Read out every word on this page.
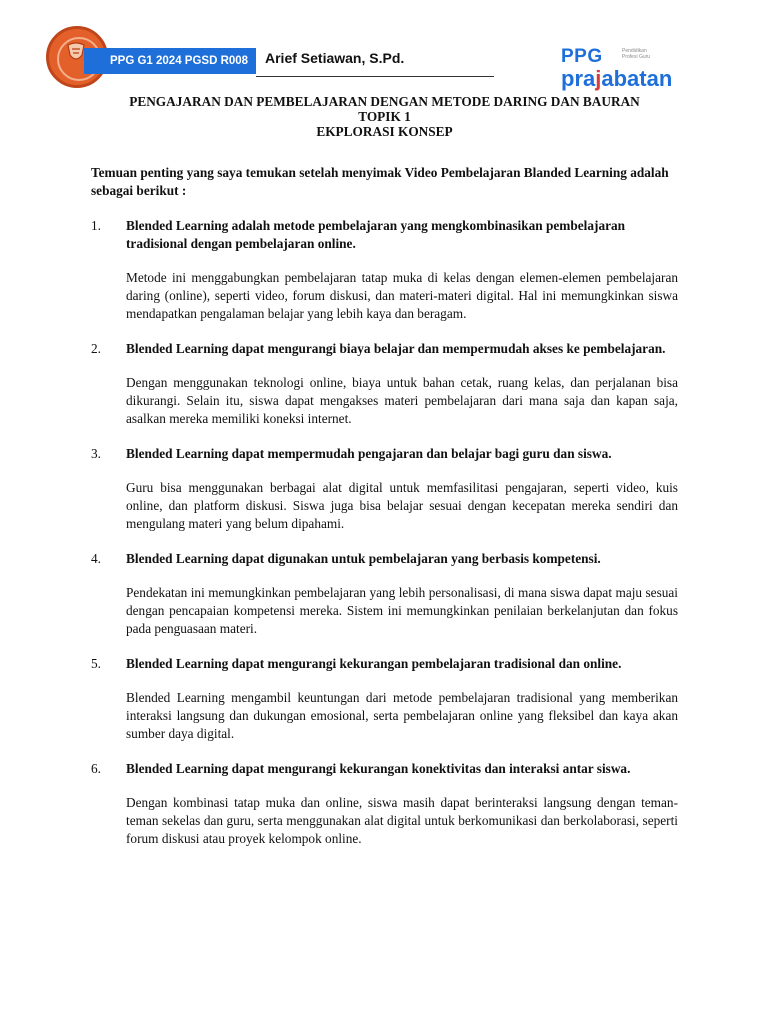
PPG G1 2024 PGSD R008	Arief Setiawan, S.Pd.	PPG	Pendidikan Profesi Guru
prajabatan
PENGAJARAN DAN PEMBELAJARAN DENGAN METODE DARING DAN BAURAN
TOPIK 1
EKPLORASI KONSEP
Temuan penting yang saya temukan setelah menyimak Video Pembelajaran Blanded Learning adalah sebagai berikut :
1. Blended Learning adalah metode pembelajaran yang mengkombinasikan pembelajaran tradisional dengan pembelajaran online.
Metode ini menggabungkan pembelajaran tatap muka di kelas dengan elemen-elemen pembelajaran daring (online), seperti video, forum diskusi, dan materi-materi digital. Hal ini memungkinkan siswa mendapatkan pengalaman belajar yang lebih kaya dan beragam.
2. Blended Learning dapat mengurangi biaya belajar dan mempermudah akses ke pembelajaran.
Dengan menggunakan teknologi online, biaya untuk bahan cetak, ruang kelas, dan perjalanan bisa dikurangi. Selain itu, siswa dapat mengakses materi pembelajaran dari mana saja dan kapan saja, asalkan mereka memiliki koneksi internet.
3. Blended Learning dapat mempermudah pengajaran dan belajar bagi guru dan siswa.
Guru bisa menggunakan berbagai alat digital untuk memfasilitasi pengajaran, seperti video, kuis online, dan platform diskusi. Siswa juga bisa belajar sesuai dengan kecepatan mereka sendiri dan mengulang materi yang belum dipahami.
4. Blended Learning dapat digunakan untuk pembelajaran yang berbasis kompetensi.
Pendekatan ini memungkinkan pembelajaran yang lebih personalisasi, di mana siswa dapat maju sesuai dengan pencapaian kompetensi mereka. Sistem ini memungkinkan penilaian berkelanjutan dan fokus pada penguasaan materi.
5. Blended Learning dapat mengurangi kekurangan pembelajaran tradisional dan online.
Blended Learning mengambil keuntungan dari metode pembelajaran tradisional yang memberikan interaksi langsung dan dukungan emosional, serta pembelajaran online yang fleksibel dan kaya akan sumber daya digital.
6. Blended Learning dapat mengurangi kekurangan konektivitas dan interaksi antar siswa.
Dengan kombinasi tatap muka dan online, siswa masih dapat berinteraksi langsung dengan teman-teman sekelas dan guru, serta menggunakan alat digital untuk berkomunikasi dan berkolaborasi, seperti forum diskusi atau proyek kelompok online.
